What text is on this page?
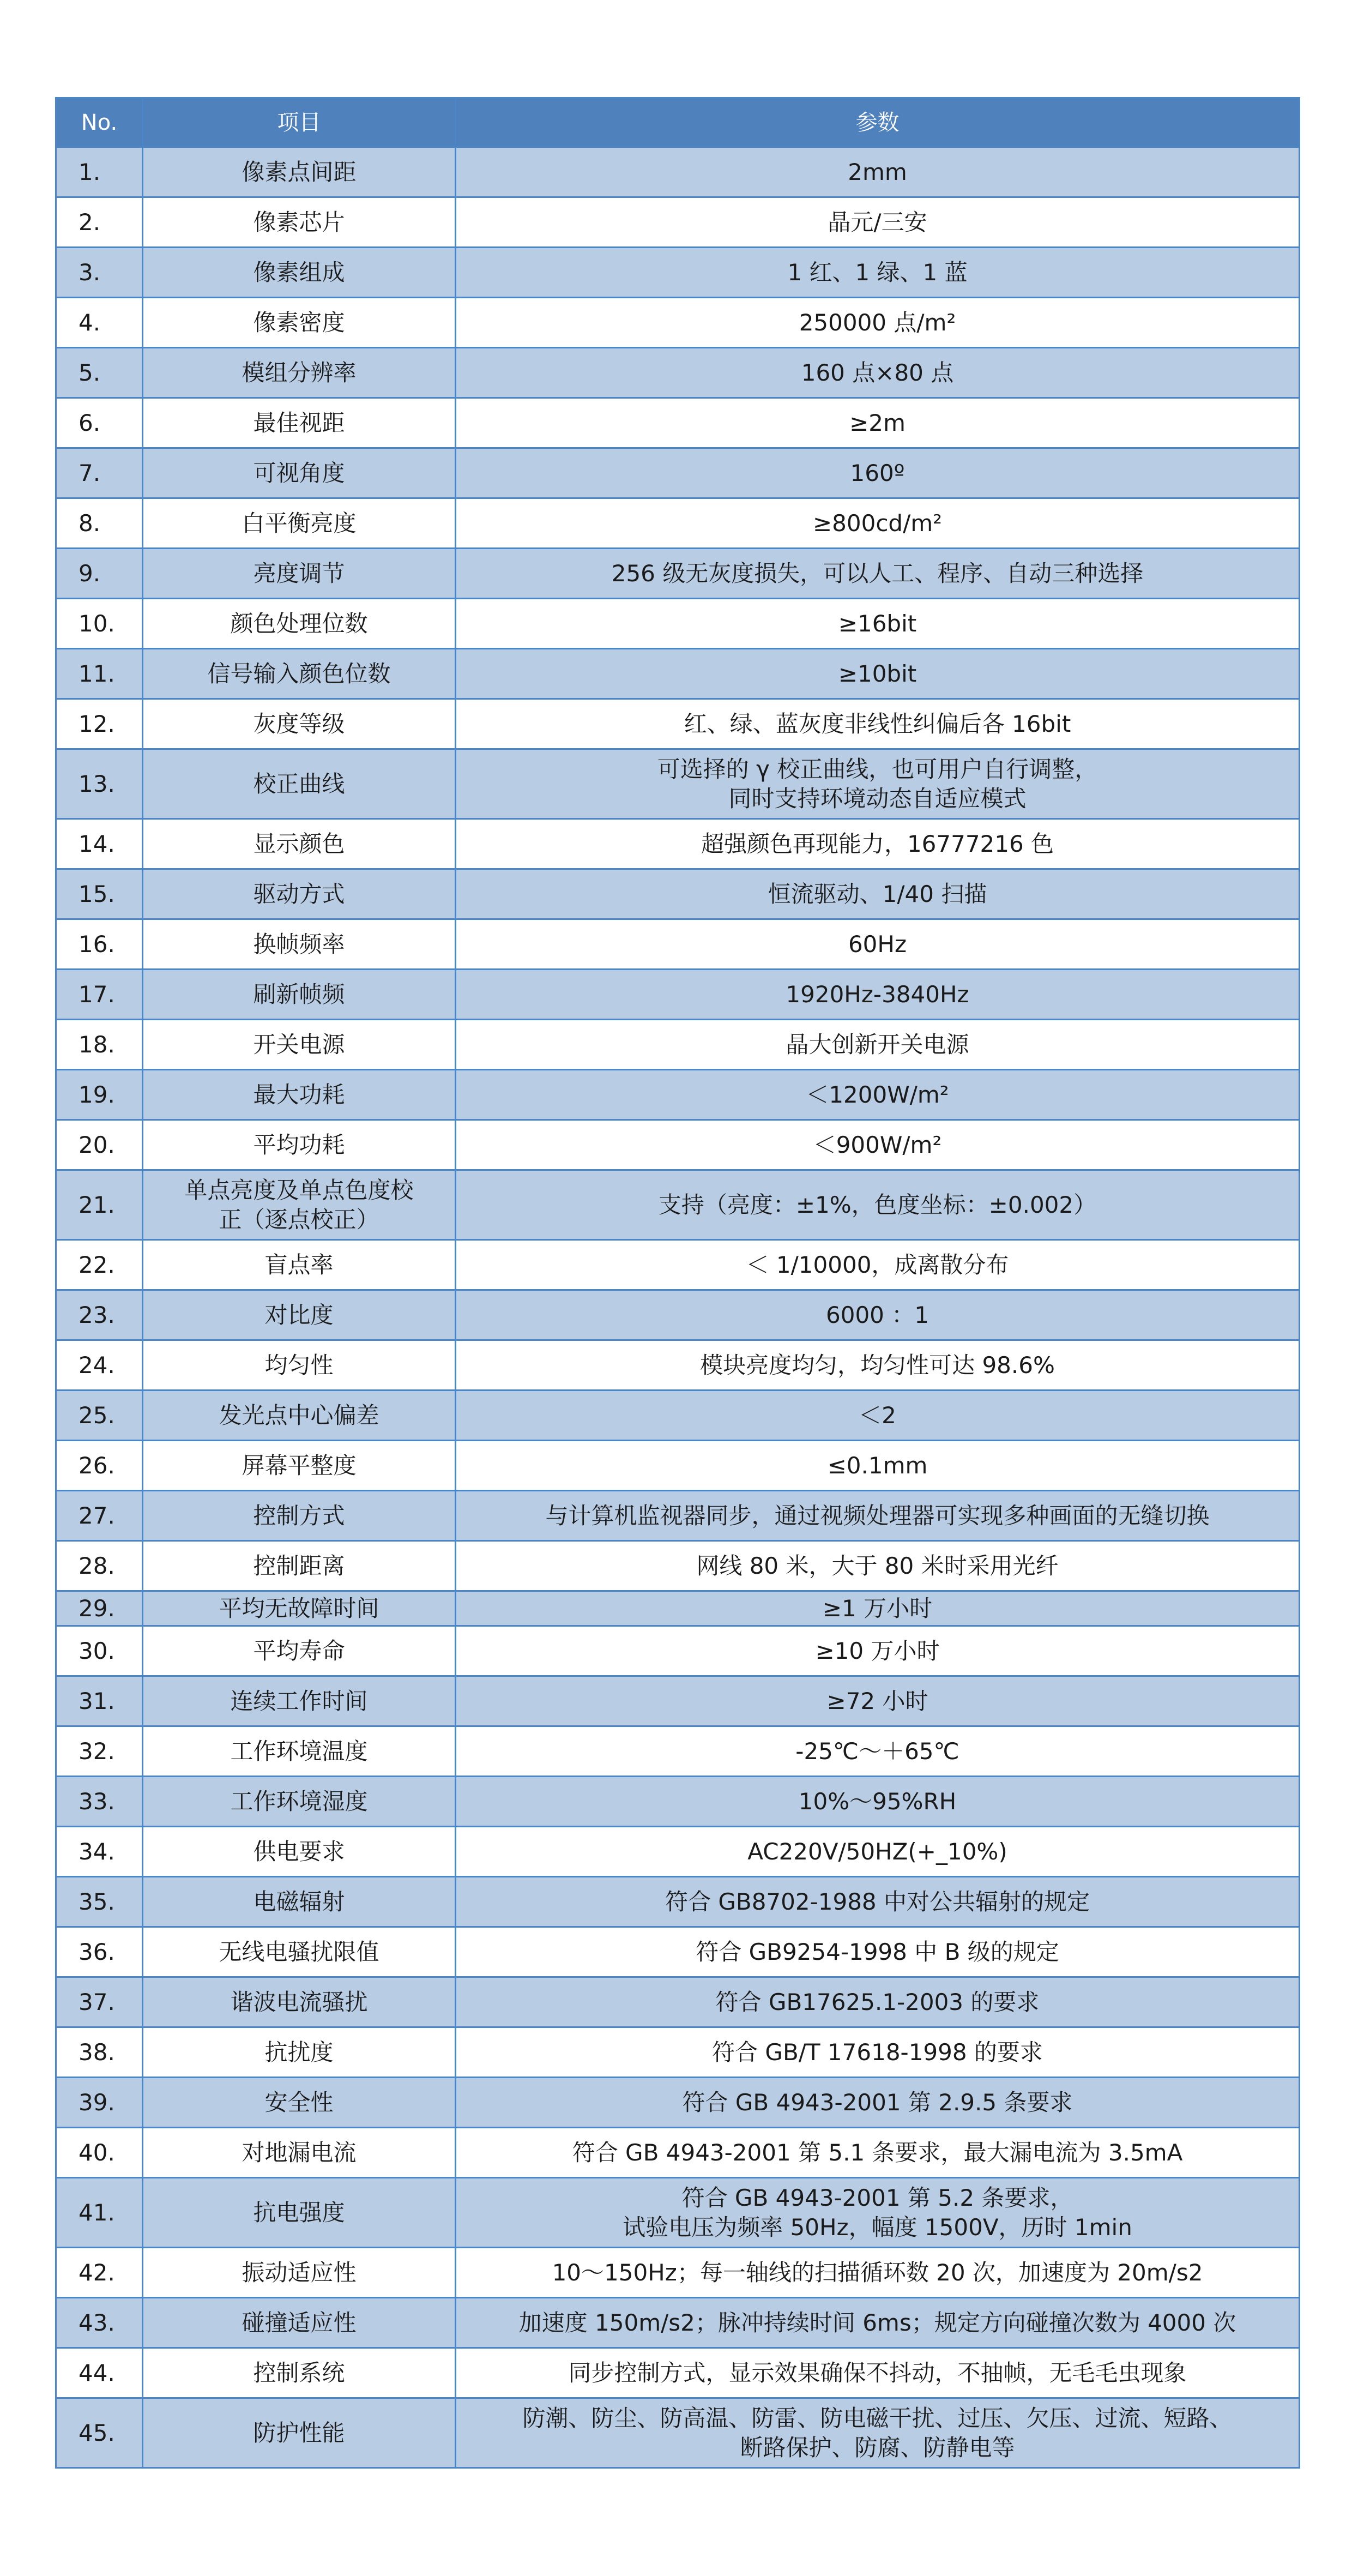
No.	项目	参数
1.	像素点间距	2mm

2.	像素芯片	晶元/三安

3.	像素组成	1 红、1 绿、1 蓝

4.	像素密度	250000 点/m²

5.	模组分辨率	160 点×80 点

6.	最佳视距	≥2m

7.	可视角度	160º

8.	白平衡亮度	≥800cd/m²

9.	亮度调节	256 级无灰度损失，可以人工、程序、自动三种选择

10.	颜色处理位数	≥16bit

11.	信号输入颜色位数	≥10bit

12.	灰度等级	红、绿、蓝灰度非线性纠偏后各 16bit

13.	校正曲线	可选择的 γ 校正曲线，也可用户自行调整，
同时支持环境动态自适应模式

14.	显示颜色	超强颜色再现能力，16777216 色

15.	驱动方式	恒流驱动、1/40 扫描

16.	换帧频率	60Hz

17.	刷新帧频	1920Hz-3840Hz

18.	开关电源	晶大创新开关电源

19.	最大功耗	＜1200W/m²

20.	平均功耗	＜900W/m²

21.	单点亮度及单点色度校
正（逐点校正）	支持（亮度：±1%，色度坐标：±0.002）

22.	盲点率	＜ 1/10000，成离散分布

23.	对比度	6000 ：1

24.	均匀性	模块亮度均匀，均匀性可达 98.6%

25.	发光点中心偏差	＜2

26.	屏幕平整度	≤0.1mm

27.	控制方式	与计算机监视器同步，通过视频处理器可实现多种画面的无缝切换

28.	控制距离	网线 80 米，大于 80 米时采用光纤

29.	平均无故障时间	≥1 万小时

30.	平均寿命	≥10 万小时

31.	连续工作时间	≥72 小时

32.	工作环境温度	-25℃～＋65℃

33.	工作环境湿度	10%～95%RH

34.	供电要求	AC220V/50HZ(+_10%)

35.	电磁辐射	符合 GB8702-1988 中对公共辐射的规定

36.	无线电骚扰限值	符合 GB9254-1998 中 B 级的规定

37.	谐波电流骚扰	符合 GB17625.1-2003 的要求

38.	抗扰度	符合 GB/T 17618-1998 的要求

39.	安全性	符合 GB 4943-2001 第 2.9.5 条要求

40.	对地漏电流	符合 GB 4943-2001 第 5.1 条要求，最大漏电流为 3.5mA

41.	抗电强度	符合 GB 4943-2001 第 5.2 条要求，
试验电压为频率 50Hz，幅度 1500V，历时 1min

42.	振动适应性	10～150Hz；每一轴线的扫描循环数 20 次，加速度为 20m/s2

43.	碰撞适应性	加速度 150m/s2；脉冲持续时间 6ms；规定方向碰撞次数为 4000 次

44.	控制系统	同步控制方式，显示效果确保不抖动，不抽帧，无毛毛虫现象

45.	防护性能	防潮、防尘、防高温、防雷、防电磁干扰、过压、欠压、过流、短路、
断路保护、防腐、防静电等
